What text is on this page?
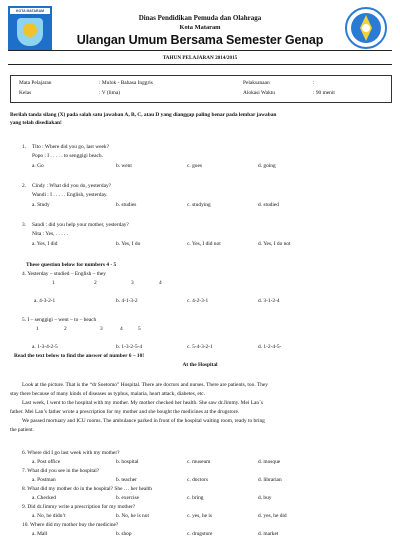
KOTA MATARAM
Dinas Pendidikan Pemuda dan Olahraga
Kota Mataram
Ulangan Umum Bersama Semester Genap
TAHUN PELAJARAN 2014/2015
Mata Pelajaran	: Mulok - Bahasa Inggris
Kelas	: V (lima)
Pelaksanaan	:
Alokasi Waktu	: 90 menit
Berilah tanda silang (X) pada salah satu jawaban A, B, C, atau D yang dianggap paling benar pada lembar jawaban
yang telah disediakan!
1. Tito : Where did you go, last week?
Popo : I . . . . . to senggigi beach.
a. Go	b. went	c. goes	d. going
2. Cindy : What did you do, yesterday?
Wandi : I . . . . . English, yesterday.
a. Study	b. studies	c. studying	d. studied
3. Sandi : did you help your mother, yesterday?
Nita : Yes, . . . . .
a. Yes, I did	b. Yes, I do	c. Yes, I did not	d. Yes, I do not
These question below for numbers 4 - 5
4. Yesterday – studied – English – they
1	2	3	4
a. 4-3-2-1	b. 4-1-3-2	c. 4-2-3-1	d. 3-1-2-4
5. I – senggigi – went – to – beach
1	2	3	4	5
a. 1-3-4-2-5	b. 1-3-2-5-4	c. 5-4-3-2-1	d. 1-2-4-5-
Read the text below to find the answer of number 6 – 10!
At the Hospital
Look at the picture. That is the “dr Soetomo” Hospital. There are doctors and nurses. There are patients, too. They
stay there because of many kinds of diseases as typhus, malaria, heart attack, diabetes, etc.
Last week, I went to the hospital with my mother. My mother checked her health. She saw dr.Jimmy. Mei Lan´s
father. Mei Lan’s father wrote a prescription for my mother and she bought the medicines at the drugstore.
We passed mortuary and ICU rooms. The ambulance parked in front of the hospital waiting room, ready to bring
the patient.
6. Where did I go last week with my mother?
a. Post office	b. hospital	c. museum	d. mosque
7. What did you see in the hospital?
a. Postman	b. teacher	c. doctors	d. librarian
8. What did my mother do in the hospital? She … her health
a. Checked	b. exercise	c. bring	d. buy
9. Did dr.Jimmy write a prescription for my mother?
a. No, he didn’t	b. No, he is not	c. yes, he is	d. yes, he did
10. Where did my mother buy the medicine?
a. Mall	b. shop	c. drugstore	d. market
